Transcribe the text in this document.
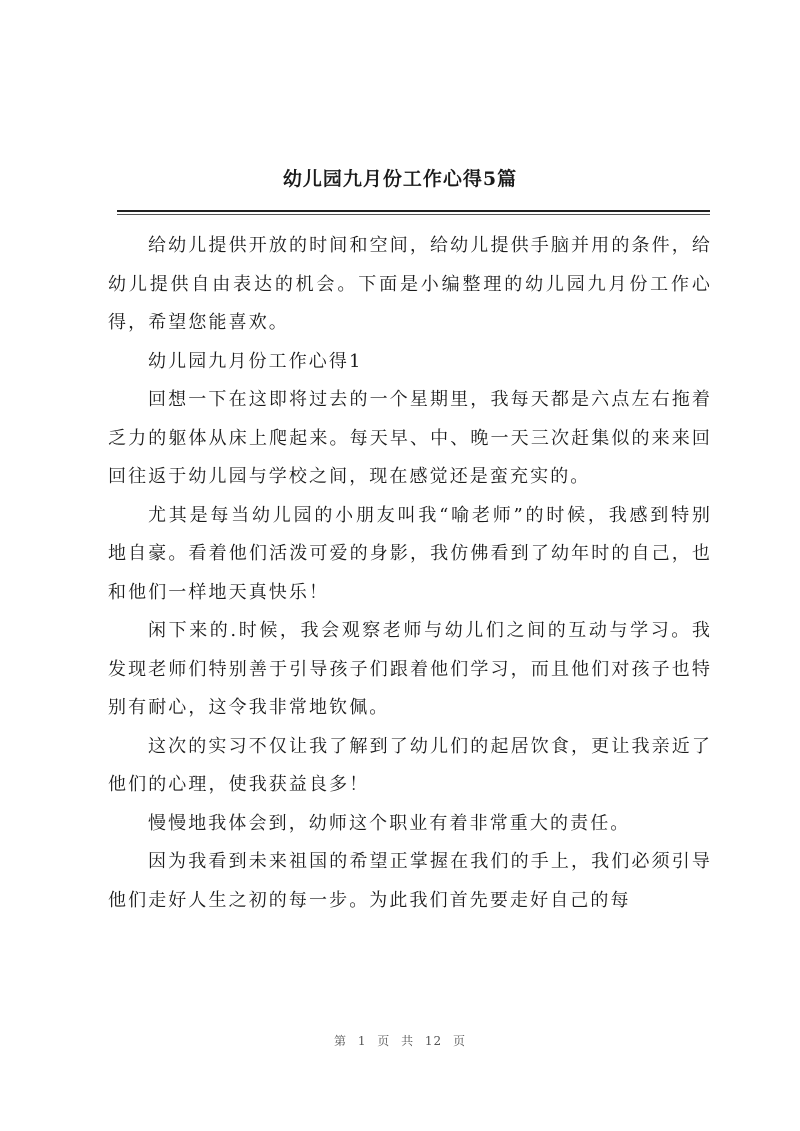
幼儿园九月份工作心得5篇

给幼儿提供开放的时间和空间，给幼儿提供手脑并用的条件，给幼儿提供自由表达的机会。下面是小编整理的幼儿园九月份工作心得，希望您能喜欢。

幼儿园九月份工作心得1

回想一下在这即将过去的一个星期里，我每天都是六点左右拖着乏力的躯体从床上爬起来。每天早、中、晚一天三次赶集似的来来回回往返于幼儿园与学校之间，现在感觉还是蛮充实的。

尤其是每当幼儿园的小朋友叫我“喻老师”的时候，我感到特别地自豪。看着他们活泼可爱的身影，我仿佛看到了幼年时的自己，也和他们一样地天真快乐！

闲下来的.时候，我会观察老师与幼儿们之间的互动与学习。我发现老师们特别善于引导孩子们跟着他们学习，而且他们对孩子也特别有耐心，这令我非常地钦佩。

这次的实习不仅让我了解到了幼儿们的起居饮食，更让我亲近了他们的心理，使我获益良多！

慢慢地我体会到，幼师这个职业有着非常重大的责任。

因为我看到未来祖国的希望正掌握在我们的手上，我们必须引导他们走好人生之初的每一步。为此我们首先要走好自己的每

第 1 页 共 12 页
